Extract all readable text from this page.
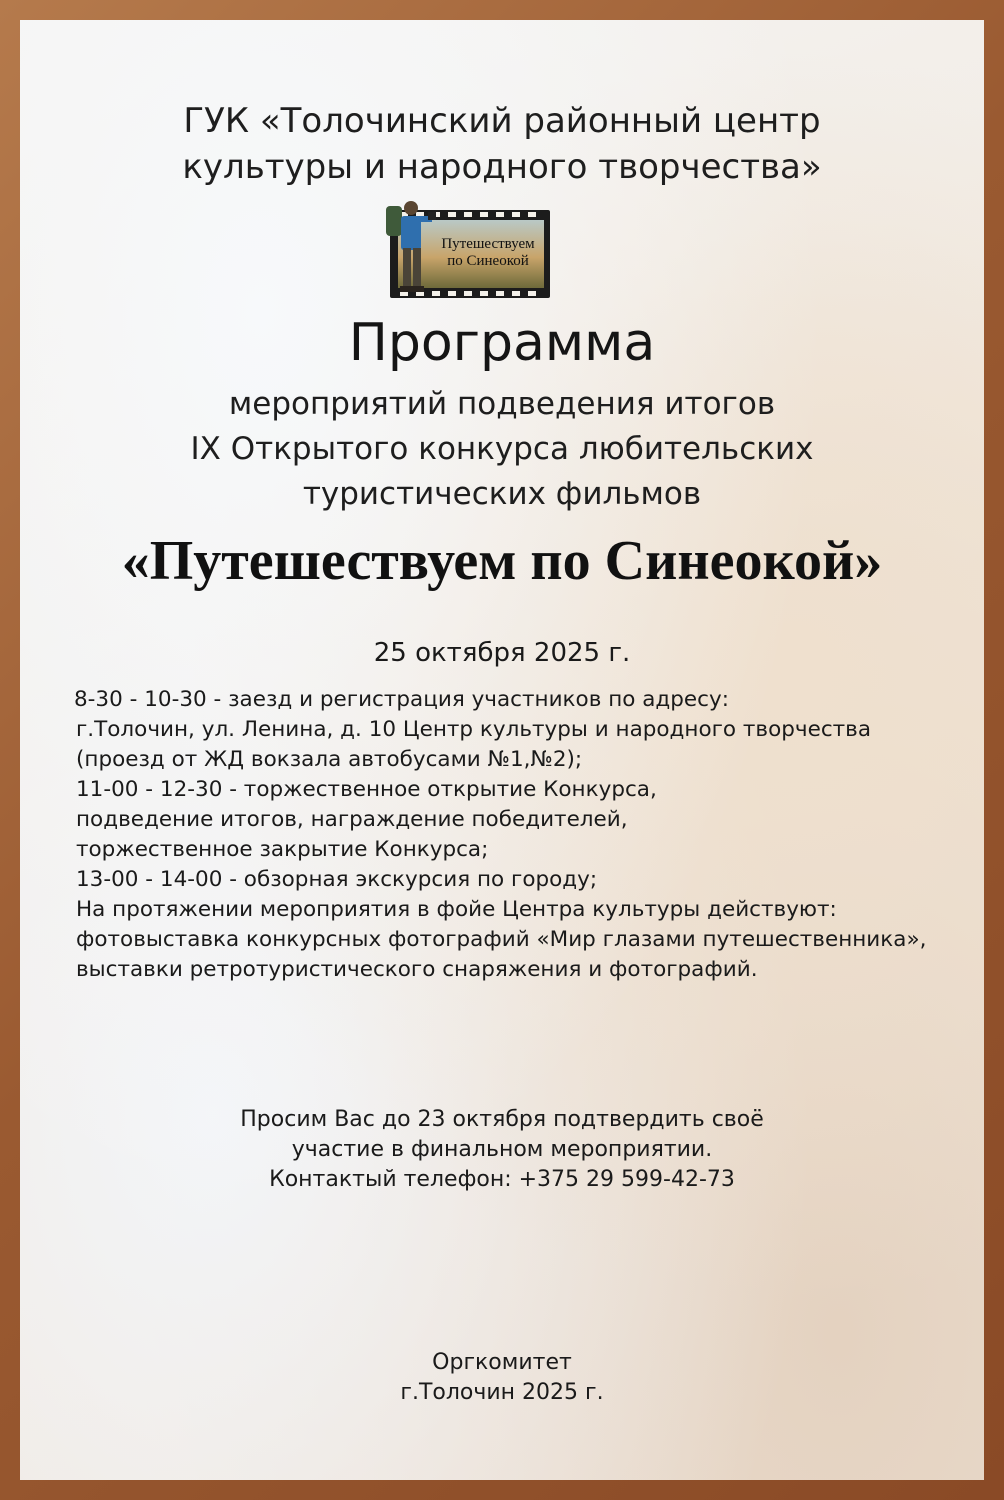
ГУК «Толочинский районный центр
культуры и народного творчества»
Путешествуем
по Синеокой
Программа
мероприятий подведения итогов
IX Открытого конкурса любительских
туристических фильмов
«Путешествуем по Синеокой»
25 октября 2025 г.
8-30 - 10-30 - заезд и регистрация участников по адресу:
г.Толочин, ул. Ленина, д. 10 Центр культуры и народного творчества
(проезд от ЖД вокзала автобусами №1,№2);
11-00 - 12-30 - торжественное открытие Конкурса,
подведение итогов, награждение победителей,
торжественное закрытие Конкурса;
13-00 - 14-00 - обзорная экскурсия по городу;
На протяжении мероприятия в фойе Центра культуры действуют:
фотовыставка конкурсных фотографий «Мир глазами путешественника»,
выставки ретротуристического снаряжения и фотографий.
Просим Вас до 23 октября подтвердить своё
участие в финальном мероприятии.
Контактый телефон: +375 29 599-42-73
Оргкомитет
г.Толочин 2025 г.
